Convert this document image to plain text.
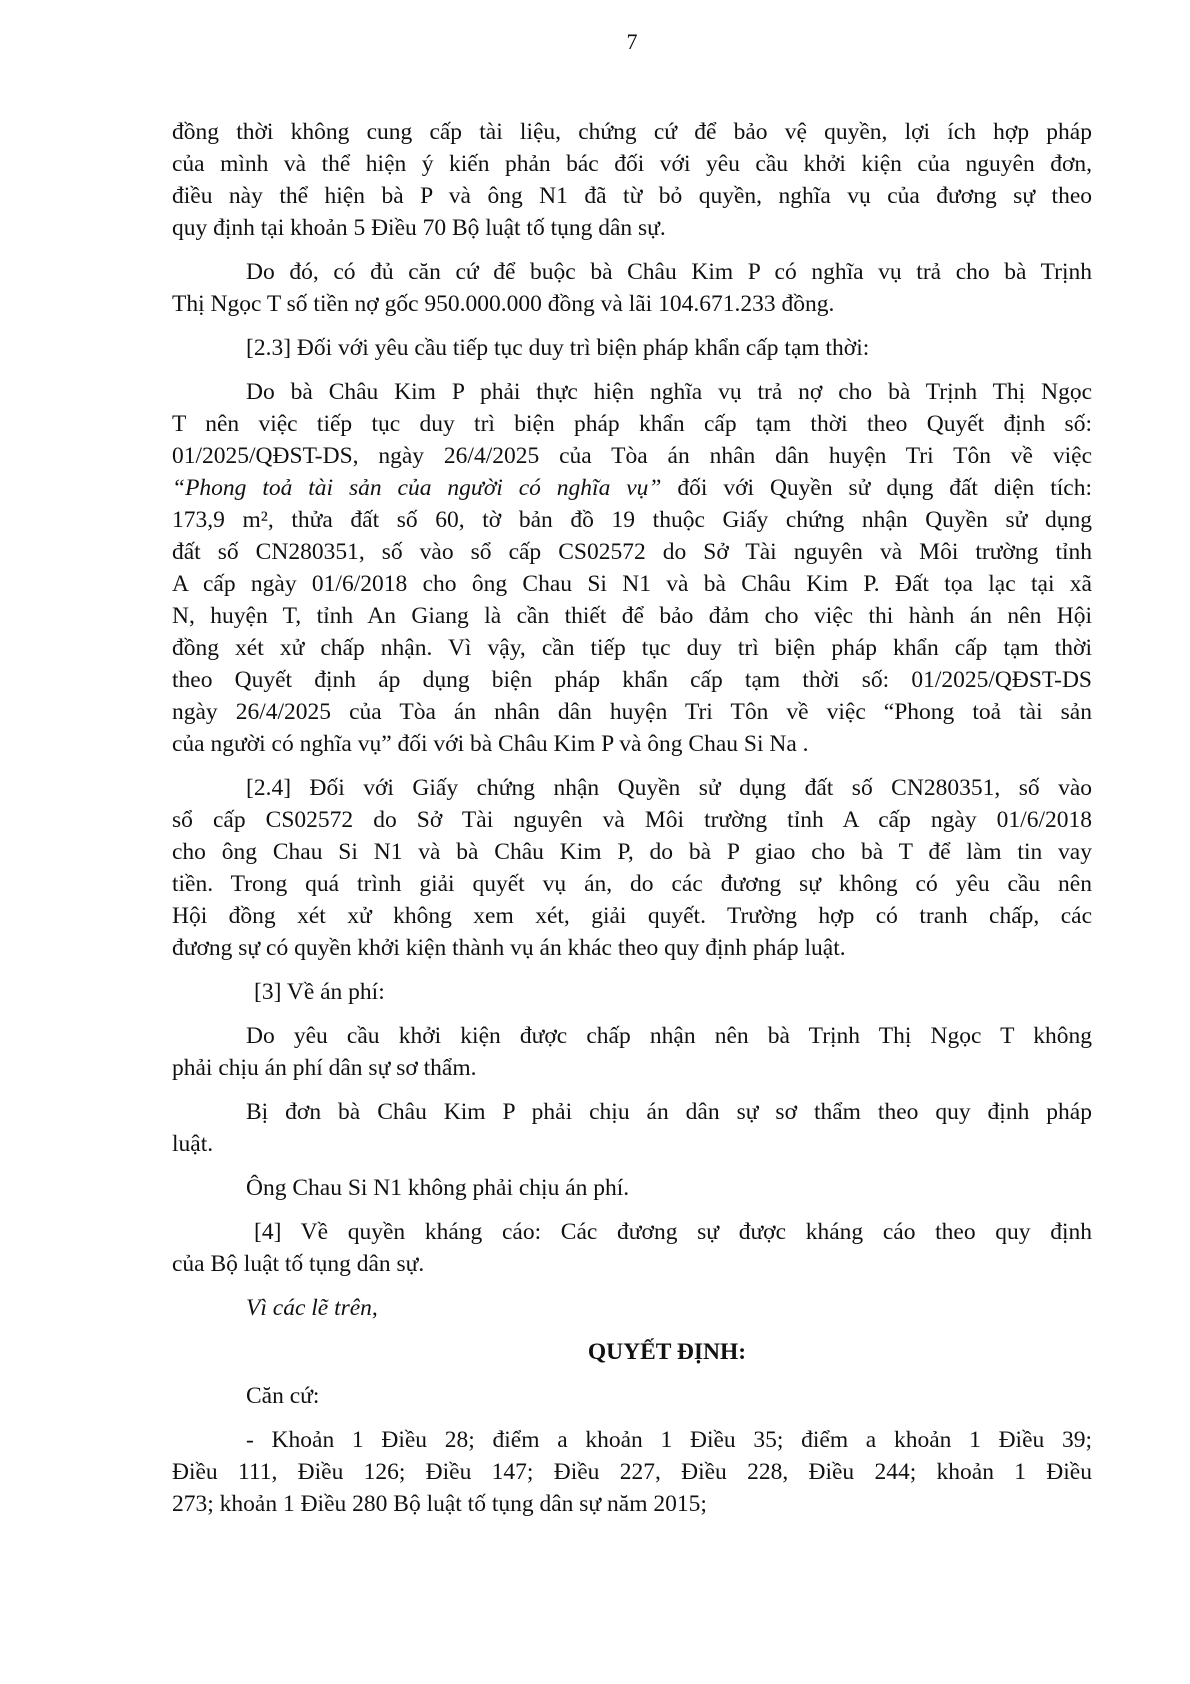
7
đồng thời không cung cấp tài liệu, chứng cứ để bảo vệ quyền, lợi ích hợp pháp
của mình và thể hiện ý kiến phản bác đối với yêu cầu khởi kiện của nguyên đơn,
điều này thể hiện bà P và ông N1 đã từ bỏ quyền, nghĩa vụ của đương sự theo
quy định tại khoản 5 Điều 70 Bộ luật tố tụng dân sự.
Do đó, có đủ căn cứ để buộc bà Châu Kim P có nghĩa vụ trả cho bà Trịnh
Thị Ngọc T số tiền nợ gốc 950.000.000 đồng và lãi 104.671.233 đồng.
[2.3] Đối với yêu cầu tiếp tục duy trì biện pháp khẩn cấp tạm thời:
Do bà Châu Kim P phải thực hiện nghĩa vụ trả nợ cho bà Trịnh Thị Ngọc
T nên việc tiếp tục duy trì biện pháp khẩn cấp tạm thời theo Quyết định số:
01/2025/QĐST-DS, ngày 26/4/2025 của Tòa án nhân dân huyện Tri Tôn về việc
“Phong toả tài sản của người có nghĩa vụ” đối với Quyền sử dụng đất diện tích:
173,9 m², thửa đất số 60, tờ bản đồ 19 thuộc Giấy chứng nhận Quyền sử dụng
đất số CN280351, số vào sổ cấp CS02572 do Sở Tài nguyên và Môi trường tỉnh
A cấp ngày 01/6/2018 cho ông Chau Si N1 và bà Châu Kim P. Đất tọa lạc tại xã
N, huyện T, tỉnh An Giang là cần thiết để bảo đảm cho việc thi hành án nên Hội
đồng xét xử chấp nhận. Vì vậy, cần tiếp tục duy trì biện pháp khẩn cấp tạm thời
theo Quyết định áp dụng biện pháp khẩn cấp tạm thời số: 01/2025/QĐST-DS
ngày 26/4/2025 của Tòa án nhân dân huyện Tri Tôn về việc “Phong toả tài sản
của người có nghĩa vụ” đối với bà Châu Kim P và ông Chau Si Na .
[2.4] Đối với Giấy chứng nhận Quyền sử dụng đất số CN280351, số vào
sổ cấp CS02572 do Sở Tài nguyên và Môi trường tỉnh A cấp ngày 01/6/2018
cho ông Chau Si N1 và bà Châu Kim P, do bà P giao cho bà T để làm tin vay
tiền. Trong quá trình giải quyết vụ án, do các đương sự không có yêu cầu nên
Hội đồng xét xử không xem xét, giải quyết. Trường hợp có tranh chấp, các
đương sự có quyền khởi kiện thành vụ án khác theo quy định pháp luật.
[3] Về án phí:
Do yêu cầu khởi kiện được chấp nhận nên bà Trịnh Thị Ngọc T không
phải chịu án phí dân sự sơ thẩm.
Bị đơn bà Châu Kim P phải chịu án dân sự sơ thẩm theo quy định pháp
luật.
Ông Chau Si N1 không phải chịu án phí.
[4] Về quyền kháng cáo: Các đương sự được kháng cáo theo quy định
của Bộ luật tố tụng dân sự.
Vì các lẽ trên,
QUYẾT ĐỊNH:
Căn cứ:
- Khoản 1 Điều 28; điểm a khoản 1 Điều 35; điểm a khoản 1 Điều 39;
Điều 111, Điều 126; Điều 147; Điều 227, Điều 228, Điều 244; khoản 1 Điều
273; khoản 1 Điều 280 Bộ luật tố tụng dân sự năm 2015;
